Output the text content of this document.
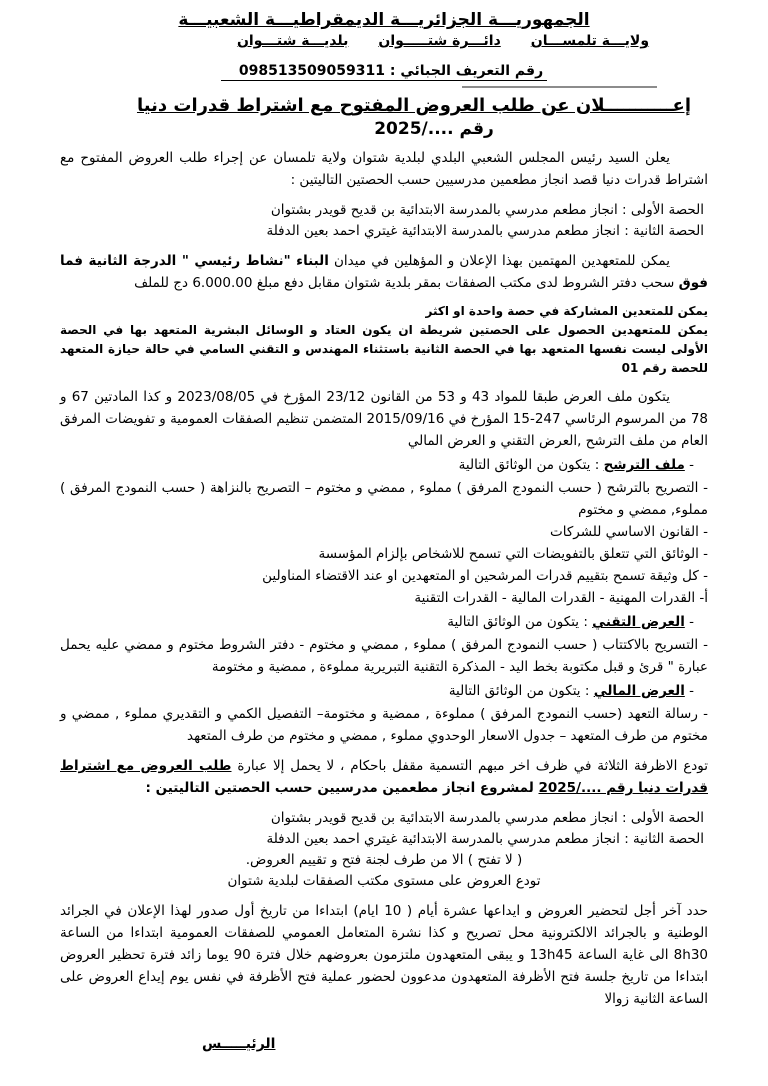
الجمهوريـــة الجزائريـــة الديمقراطيـــة الشعبيـــة
ولايـــة تلمســـان
دائـــرة شتـــــوان
بلديـــة شتـــوان
رقم التعريف الجبائي : 098513509059311
إعـــــــــــلان عن طلب العروض المفتوح مع اشتراط قدرات دنيا
رقم ..../2025

يعلن السيد رئيس المجلس الشعبي البلدي لبلدية شتوان ولاية تلمسان عن إجراء طلب العروض المفتوح مع اشتراط قدرات دنيا قصد انجاز مطعمين مدرسيين حسب الحصتين التاليتين :

الحصة الأولى : انجاز مطعم مدرسي بالمدرسة الابتدائية بن قديح قويدر بشتوان
الحصة الثانية : انجاز مطعم مدرسي بالمدرسة الابتدائية غيتري احمد بعين الدفلة

يمكن للمتعهدين المهتمين بهذا الإعلان و المؤهلين في ميدان البناء "نشاط رئيسي " الدرجة الثانية فما فوق سحب دفتر الشروط لدى مكتب الصفقات بمقر بلدية شتوان مقابل دفع مبلغ 6.000.00 دج للملف

يمكن للمتعدين المشاركة في حصة واحدة او اكثر
يمكن للمتعهدين الحصول على الحصتين شريطة ان يكون العتاد و الوسائل البشرية المتعهد بها في الحصة الأولى ليست نفسها المتعهد بها في الحصة الثانية باستثناء المهندس و التقني السامي في حالة حيازة المتعهد للحصة رقم 01

يتكون ملف العرض طبقا للمواد 43 و 53 من القانون 23/12 المؤرخ في 2023/08/05 و كذا المادتين 67 و 78 من المرسوم الرئاسي 247-15 المؤرخ في 2015/09/16 المتضمن تنظيم الصفقات العمومية و تفويضات المرفق العام من ملف الترشح ,العرض التقني و العرض المالي

- ملف الترشح : يتكون من الوثائق التالية
- التصريح بالترشح ( حسب النمودج المرفق ) مملوء , ممضي و مختوم – التصريح بالنزاهة ( حسب النمودج المرفق ) مملوء, ممضي و مختوم
- القانون الاساسي للشركات
- الوثائق التي تتعلق بالتفويضات التي تسمح للاشخاص بإلزام المؤسسة
- كل وثيقة تسمح بتقييم قدرات المرشحين او المتعهدين او عند الاقتضاء المناولين
أ- القدرات المهنية - القدرات المالية - القدرات التقنية
- العرض التقني : يتكون من الوثائق التالية
- التسريح بالاكتتاب ( حسب النمودج المرفق ) مملوء , ممضي و مختوم - دفتر الشروط مختوم و ممضي عليه يحمل عبارة " قرئ و قبل مكتوبة بخط اليد - المذكرة التقنية التبريرية مملوءة , ممضية و مختومة
- العرض المالي : يتكون من الوثائق التالية
- رسالة التعهد (حسب النمودج المرفق ) مملوءة , ممضية و مختومة– التفصيل الكمي و التقديري مملوء , ممضي و مختوم من طرف المتعهد – جدول الاسعار الوحدوي مملوء , ممضي و مختوم من طرف المتعهد

تودع الاظرفة الثلاثة في ظرف اخر مبهم التسمية مقفل باحكام ، لا يحمل إلا عبارة طلب العروض مع اشتراط قدرات دنيا رقم ..../2025 لمشروع انجاز مطعمين مدرسيين حسب الحصتين التاليتين :

الحصة الأولى : انجاز مطعم مدرسي بالمدرسة الابتدائية بن قديح قويدر بشتوان
الحصة الثانية : انجاز مطعم مدرسي بالمدرسة الابتدائية غيتري احمد بعين الدفلة
( لا تفتح ) الا من طرف لجنة فتح و تقييم العروض.
تودع العروض على مستوى مكتب الصفقات لبلدية شتوان

حدد آخر أجل لتحضير العروض و ايداعها عشرة أيام ( 10 ايام) ابتداءا من تاريخ أول صدور لهذا الإعلان في الجرائد الوطنية و بالجرائد الالكترونية محل تصريح و كذا نشرة المتعامل العمومي للصفقات العمومية ابتداءا من الساعة 8h30 الى غاية الساعة 13h45 و يبقى المتعهدون ملتزمون بعروضهم خلال فترة 90 يوما زائد فترة تحظير العروض ابتداءا من تاريخ جلسة فتح الأظرفة المتعهدون مدعوون لحضور عملية فتح الأظرفة في نفس يوم إيداع العروض على الساعة الثانية زوالا

الرئيـــــس
